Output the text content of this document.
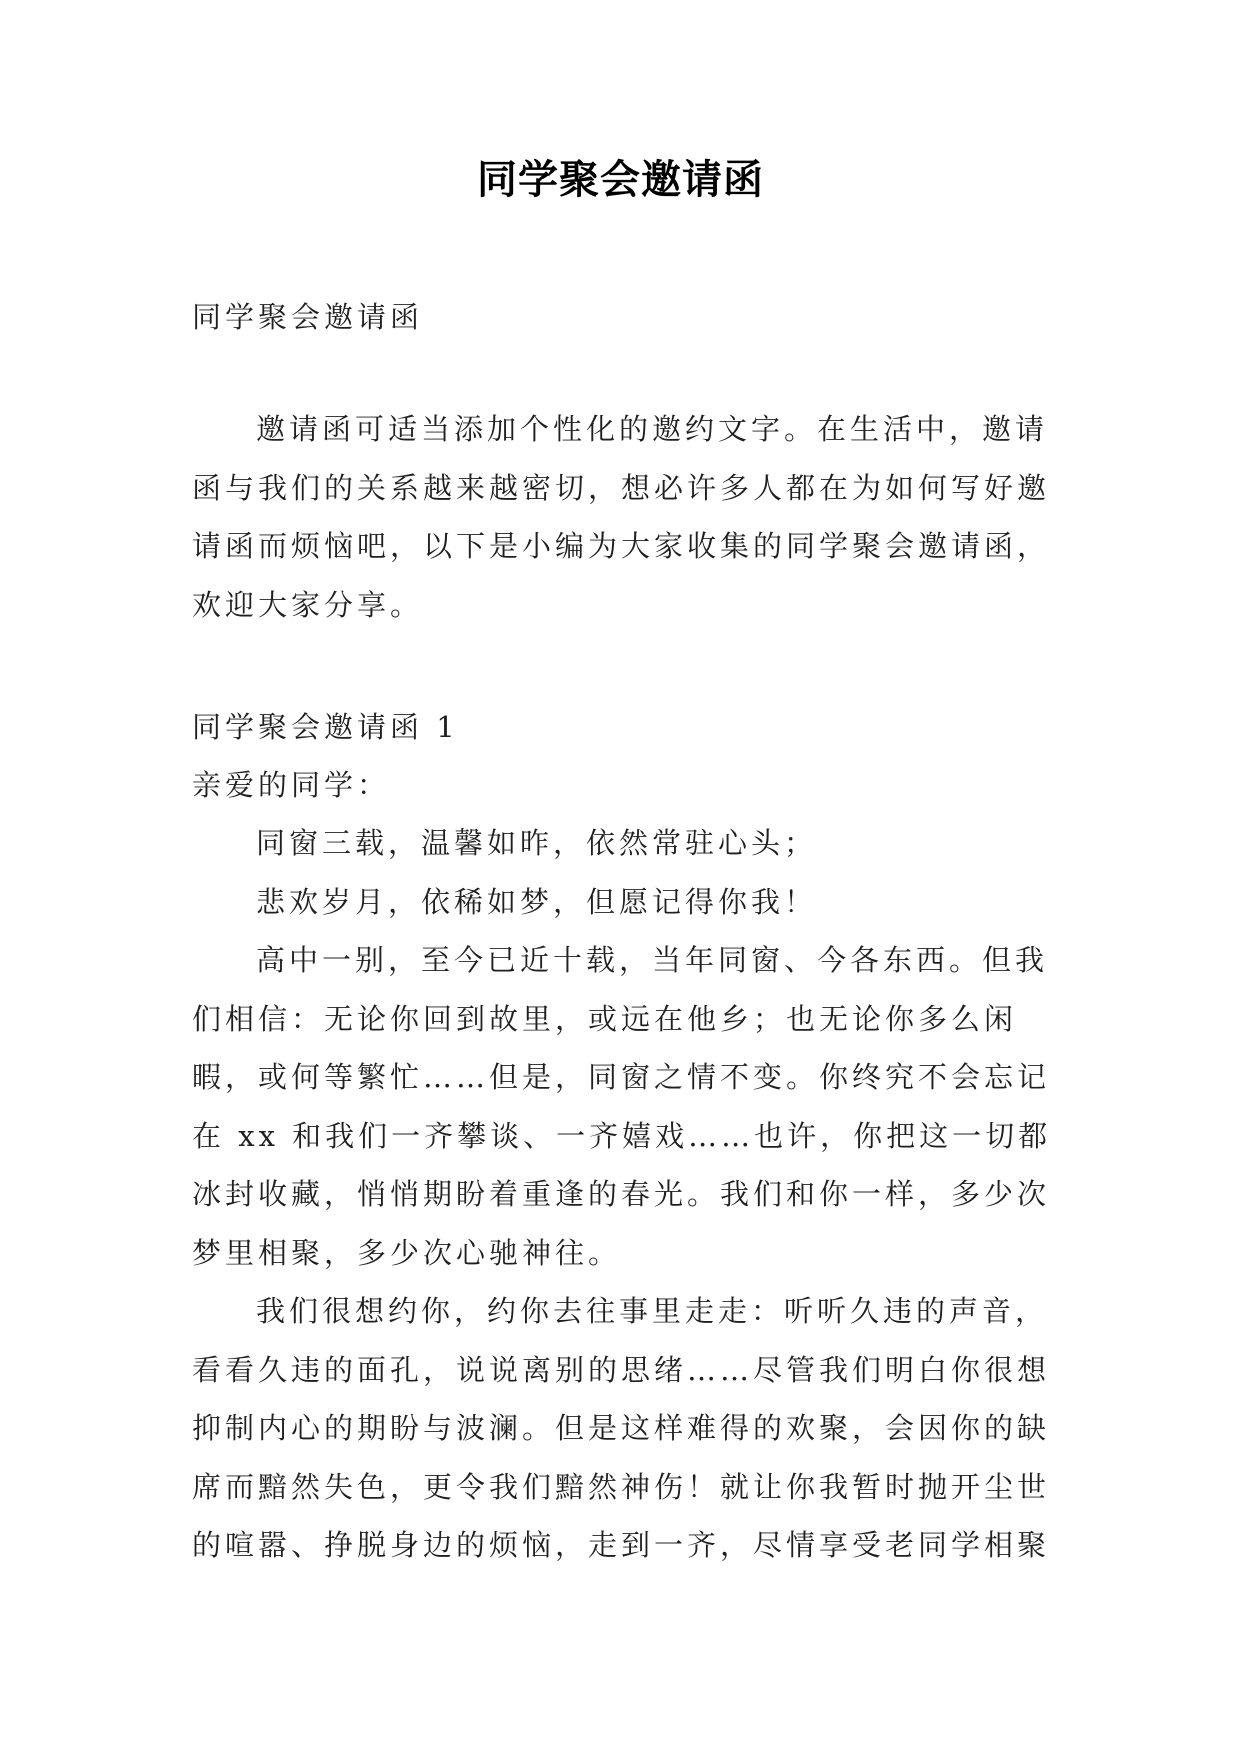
同学聚会邀请函

同学聚会邀请函

邀请函可适当添加个性化的邀约文字。在生活中，邀请函与我们的关系越来越密切，想必许多人都在为如何写好邀请函而烦恼吧，以下是小编为大家收集的同学聚会邀请函，欢迎大家分享。

同学聚会邀请函 1

亲爱的同学：

同窗三载，温馨如昨，依然常驻心头；

悲欢岁月，依稀如梦，但愿记得你我！

高中一别，至今已近十载，当年同窗、今各东西。但我们相信：无论你回到故里，或远在他乡；也无论你多么闲暇，或何等繁忙……但是，同窗之情不变。你终究不会忘记在 xx 和我们一齐攀谈、一齐嬉戏……也许，你把这一切都冰封收藏，悄悄期盼着重逢的春光。我们和你一样，多少次梦里相聚，多少次心驰神往。

我们很想约你，约你去往事里走走：听听久违的声音，看看久违的面孔，说说离别的思绪……尽管我们明白你很想抑制内心的期盼与波澜。但是这样难得的欢聚，会因你的缺席而黯然失色，更令我们黯然神伤！就让你我暂时抛开尘世的喧嚣、挣脱身边的烦恼，走到一齐，尽情享受老同学相聚
